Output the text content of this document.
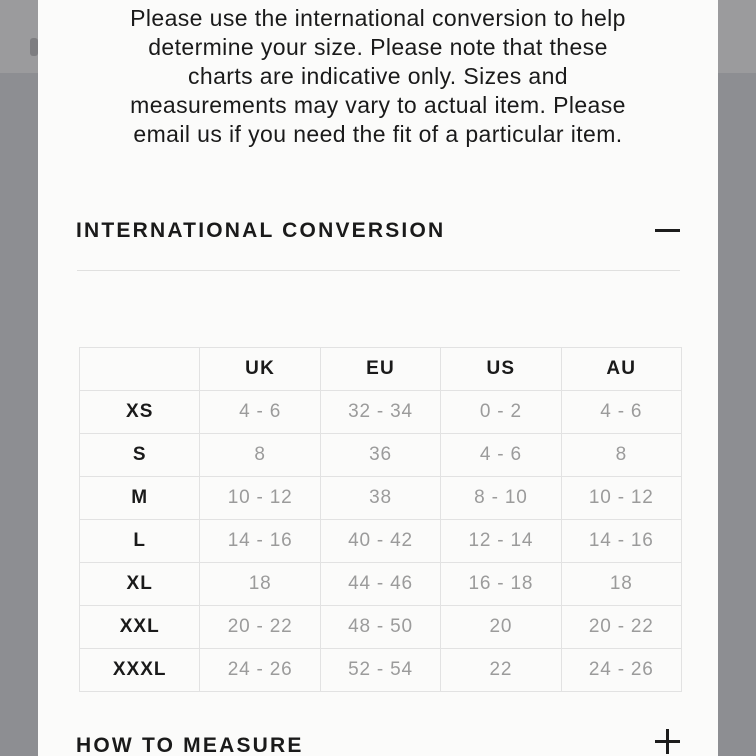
Please use the international conversion to help
determine your size. Please note that these
charts are indicative only. Sizes and
measurements may vary to actual item. Please
email us if you need the fit of a particular item.
INTERNATIONAL CONVERSION
	UK	EU	US	AU
XS	4 - 6	32 - 34	0 - 2	4 - 6
S	8	36	4 - 6	8
M	10 - 12	38	8 - 10	10 - 12
L	14 - 16	40 - 42	12 - 14	14 - 16
XL	18	44 - 46	16 - 18	18
XXL	20 - 22	48 - 50	20	20 - 22
XXXL	24 - 26	52 - 54	22	24 - 26
HOW TO MEASURE
